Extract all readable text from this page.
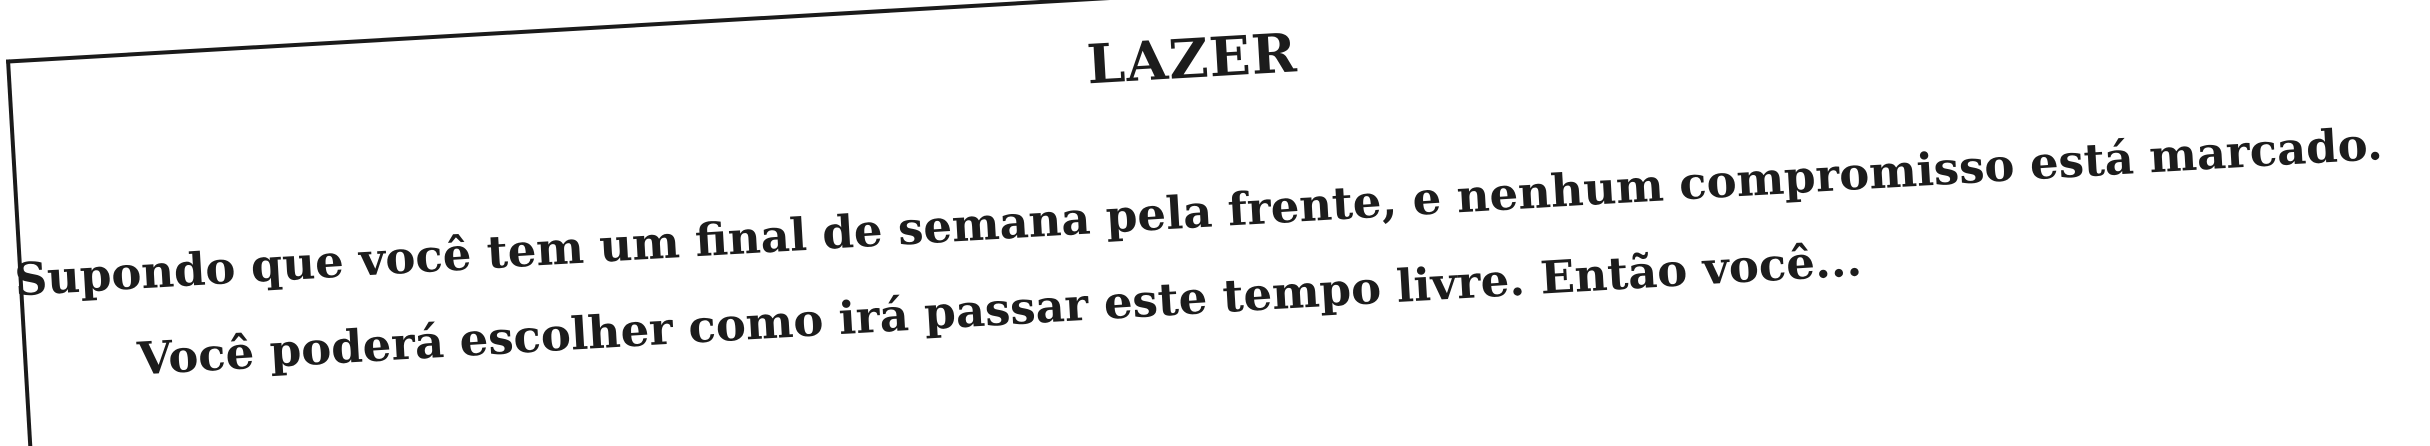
LAZER

Supondo que você tem um final de semana pela frente, e nenhum compromisso está marcado. Você poderá escolher como irá passar este tempo livre. Então você...
